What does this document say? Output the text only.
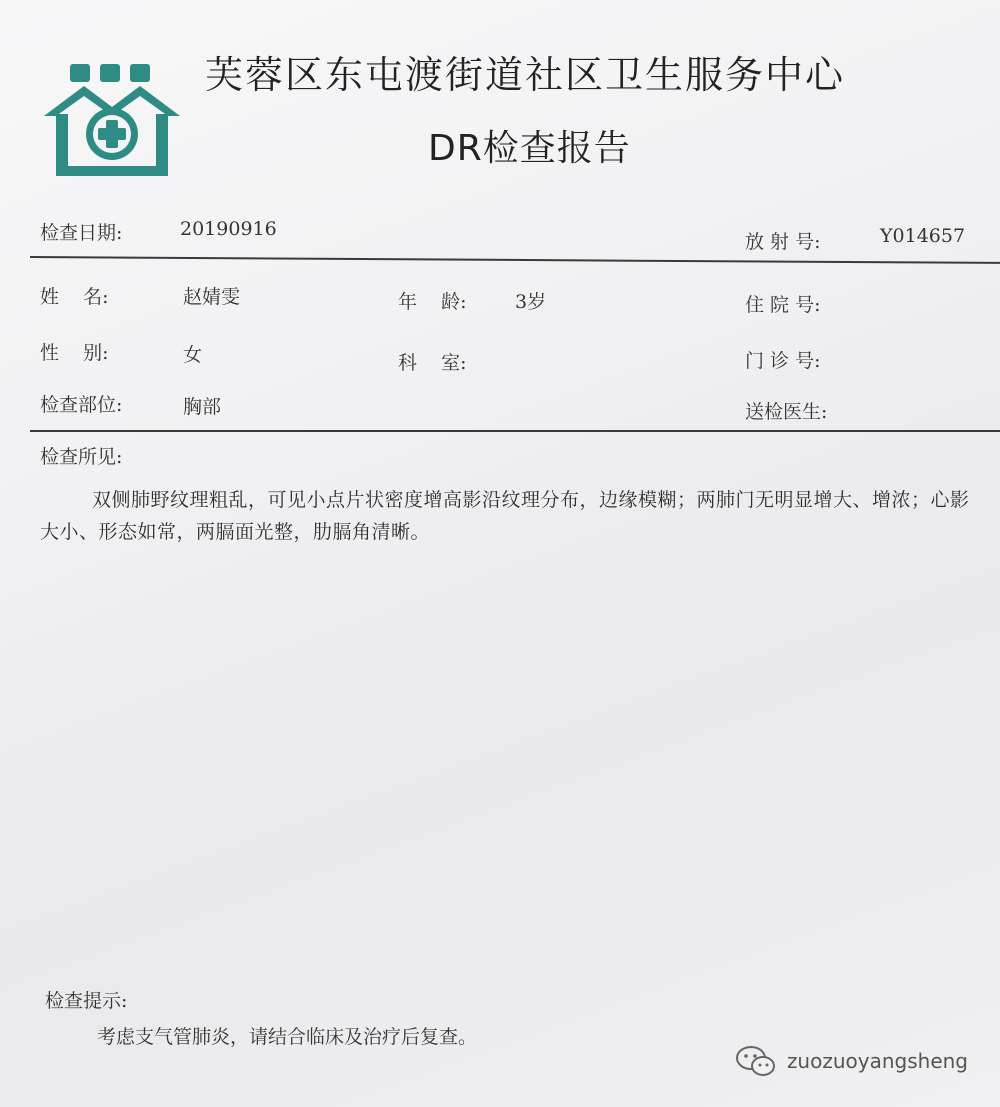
芙蓉区东屯渡街道社区卫生服务中心
DR检查报告
检查日期:	20190916
放 射 号:	Y014657
姓    名:	赵婧雯	年    龄:	3岁	住 院 号:
性    别:	女	科    室:	门 诊 号:
检查部位:	胸部	送检医生:
检查所见:
双侧肺野纹理粗乱，可见小点片状密度增高影沿纹理分布，边缘模糊；两肺门无明显增大、增浓；心影大小、形态如常，两膈面光整，肋膈角清晰。
检查提示:
考虑支气管肺炎，请结合临床及治疗后复查。
zuozuoyangsheng
